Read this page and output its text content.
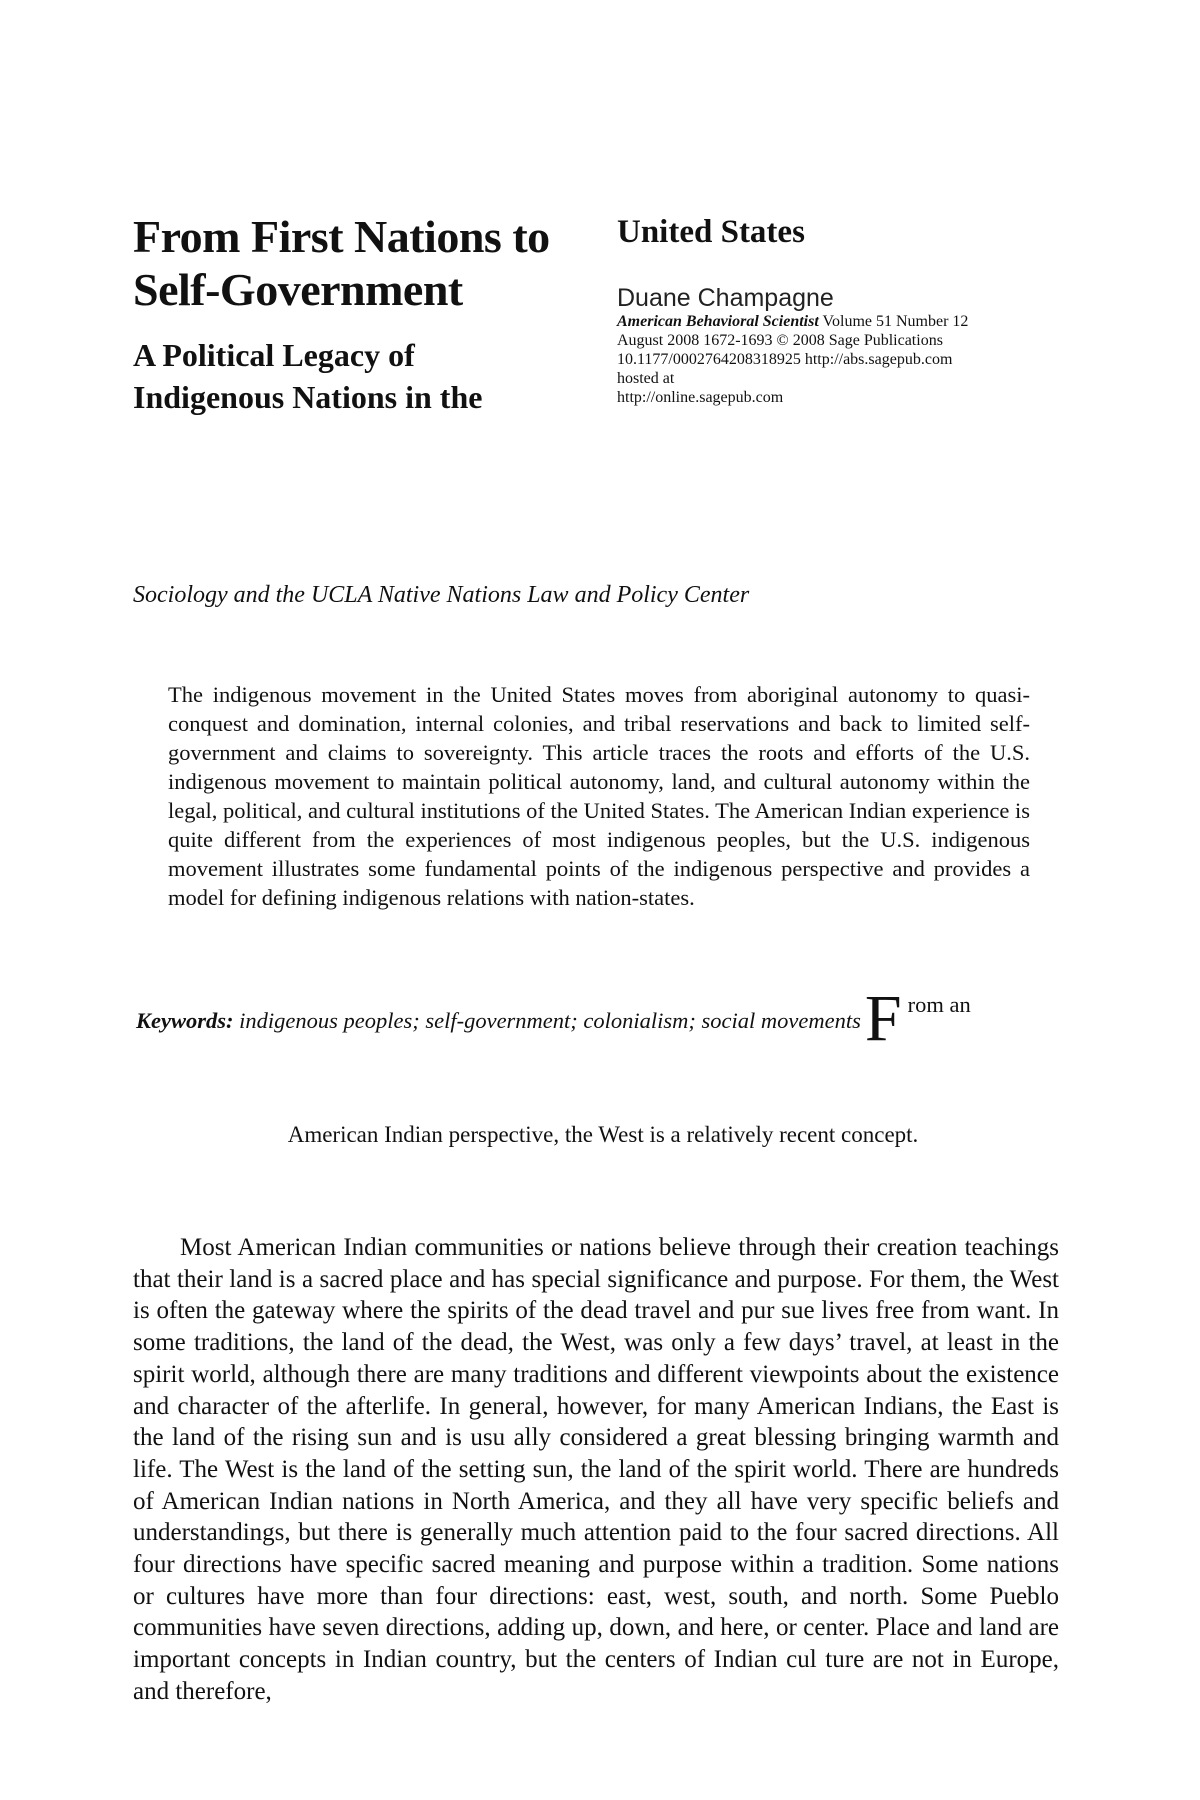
From First Nations to
Self-Government
A Political Legacy of
Indigenous Nations in the
United States
Duane Champagne
American Behavioral Scientist Volume 51 Number 12
August 2008 1672-1693 © 2008 Sage Publications
10.1177/0002764208318925 http://abs.sagepub.com
hosted at
http://online.sagepub.com
Sociology and the UCLA Native Nations Law and Policy Center

The indigenous movement in the United States moves from aboriginal autonomy to quasi-conquest and domination, internal colonies, and tribal reservations and back to limited self-government and claims to sovereignty. This article traces the roots and efforts of the U.S. indigenous movement to maintain political autonomy, land, and cultural autonomy within the legal, political, and cultural institutions of the United States. The American Indian experience is quite different from the experiences of most indigenous peoples, but the U.S. indigenous movement illustrates some fundamental points of the indigenous perspective and provides a model for defining indigenous relations with nation-states.

Keywords: indigenous peoples; self-government; colonialism; social movementsF rom an
American Indian perspective, the West is a relatively recent concept.

Most American Indian communities or nations believe through their creation teachings that their land is a sacred place and has special significance and purpose. For them, the West is often the gateway where the spirits of the dead travel and pur sue lives free from want. In some traditions, the land of the dead, the West, was only a few days’ travel, at least in the spirit world, although there are many traditions and different viewpoints about the existence and character of the afterlife. In general, however, for many American Indians, the East is the land of the rising sun and is usu ally considered a great blessing bringing warmth and life. The West is the land of the setting sun, the land of the spirit world. There are hundreds of American Indian nations in North America, and they all have very specific beliefs and understandings, but there is generally much attention paid to the four sacred directions. All four directions have specific sacred meaning and purpose within a tradition. Some nations or cultures have more than four directions: east, west, south, and north. Some Pueblo communities have seven directions, adding up, down, and here, or center. Place and land are important concepts in Indian country, but the centers of Indian cul ture are not in Europe, and therefore,
